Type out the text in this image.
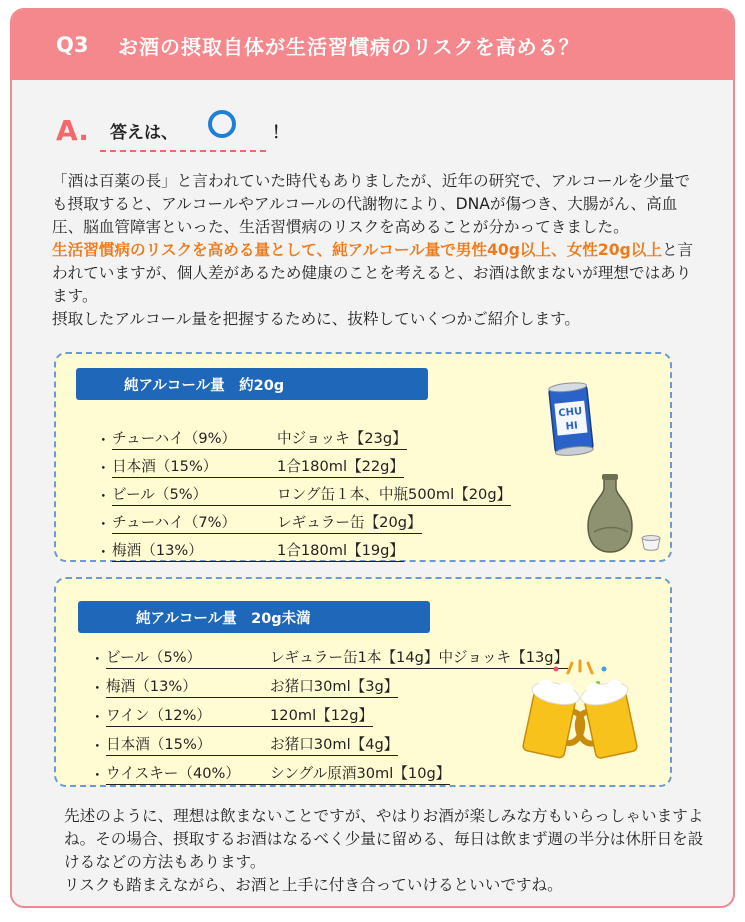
Q3	お酒の摂取自体が生活習慣病のリスクを高める？
A.	答えは、	！
「酒は百薬の長」と言われていた時代もありましたが、近年の研究で、アルコールを少量でも摂取すると、アルコールやアルコールの代謝物により、DNAが傷つき、大腸がん、高血圧、脳血管障害といった、生活習慣病のリスクを高めることが分かってきました。
生活習慣病のリスクを高める量として、純アルコール量で男性40g以上、女性20g以上と言われていますが、個人差があるため健康のことを考えると、お酒は飲まないが理想ではあります。
摂取したアルコール量を把握するために、抜粋していくつかご紹介します。
純アルコール量　約20g
・ チューハイ（9%）	中ジョッキ【23g】
・ 日本酒（15%）	1合180ml【22g】
・ ビール（5%）	ロング缶１本、中瓶500ml【20g】
・ チューハイ（7%）	レギュラー缶【20g】
・ 梅酒（13%）	1合180ml【19g】
CHU
HI
純アルコール量　20g未満
・ ビール（5%）	レギュラー缶1本【14g】中ジョッキ【13g】
・ 梅酒（13%）	お猪口30ml【3g】
・ ワイン（12%）	120ml【12g】
・ 日本酒（15%）	お猪口30ml【4g】
・ ウイスキー（40%）	シングル原酒30ml【10g】
先述のように、理想は飲まないことですが、やはりお酒が楽しみな方もいらっしゃいますよね。その場合、摂取するお酒はなるべく少量に留める、毎日は飲まず週の半分は休肝日を設けるなどの方法もあります。
リスクも踏まえながら、お酒と上手に付き合っていけるといいですね。
